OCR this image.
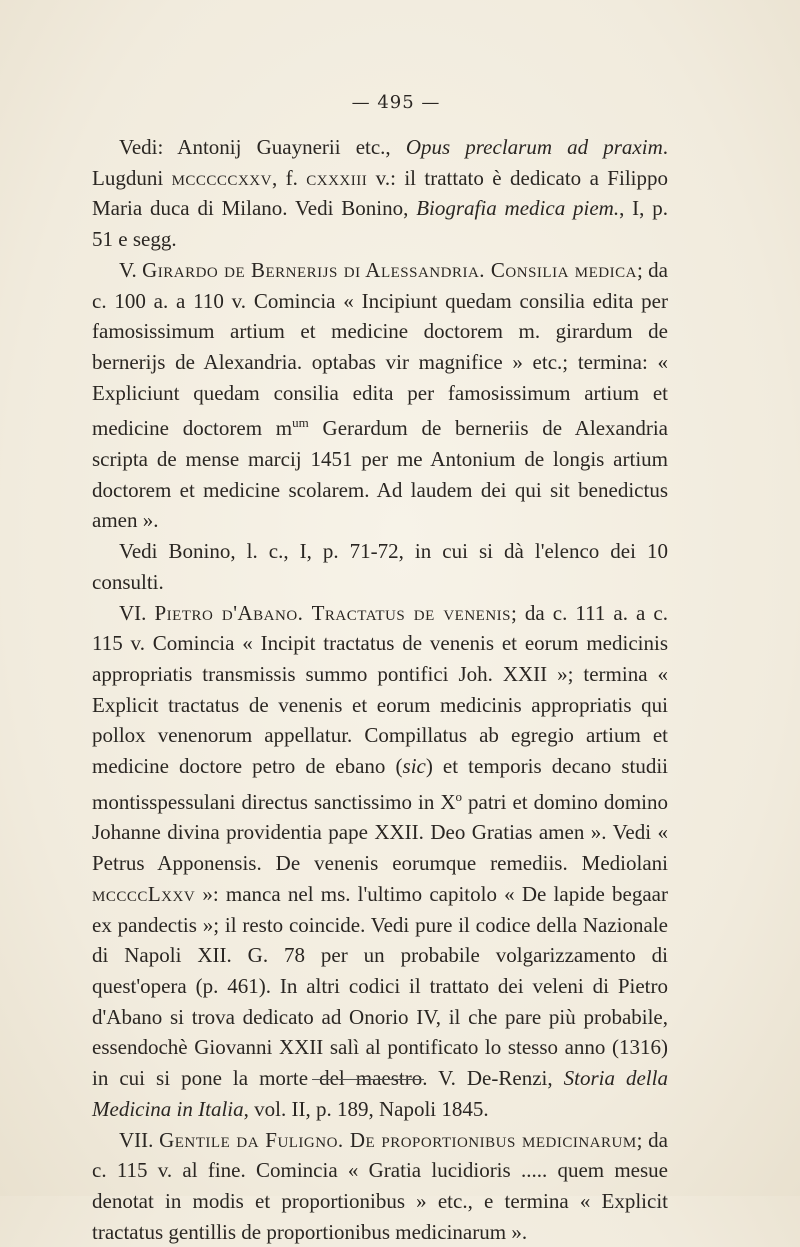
— 495 —

Vedi: Antonij Guaynerii etc., Opus preclarum ad praxim. Lugduni mcccccxxv, f. cxxxiii v.: il trattato è dedicato a Filippo Maria duca di Milano. Vedi Bonino, Biografia medica piem., I, p. 51 e segg.

V. Girardo de Bernerijs di Alessandria. Consilia medica; da c. 100 a. a 110 v. Comincia « Incipiunt quedam consilia edita per famosissimum artium et medicine doctorem m. girardum de bernerijs de Alexandria. optabas vir magnifice » etc.; termina: « Expliciunt quedam consilia edita per famosissimum artium et medicine doctorem $m^{um}$ Gerardum de berneriis de Alexandria scripta de mense marcij 1451 per me Antonium de longis artium doctorem et medicine scolarem. Ad laudem dei qui sit benedictus amen ».

Vedi Bonino, l. c., I, p. 71-72, in cui si dà l'elenco dei 10 consulti.

VI. Pietro d'Abano. Tractatus de venenis; da c. 111 a. a c. 115 v. Comincia « Incipit tractatus de venenis et eorum medicinis appropriatis transmissis summo pontifici Joh. XXII »; termina « Explicit tractatus de venenis et eorum medicinis appropriatis qui pollox venenorum appellatur. Compillatus ab egregio artium et medicine doctore petro de ebano (sic) et temporis decano studii montisspessulani directus sanctissimo in $X^o$ patri et domino domino Johanne divina providentia pape XXII. Deo Gratias amen ». Vedi « Petrus Apponensis. De venenis eorumque remediis. Mediolani mccccLxxv »: manca nel ms. l'ultimo capitolo « De lapide begaar ex pandectis »; il resto coincide. Vedi pure il codice della Nazionale di Napoli XII. G. 78 per un probabile volgarizzamento di quest'opera (p. 461). In altri codici il trattato dei veleni di Pietro d'Abano si trova dedicato ad Onorio IV, il che pare più probabile, essendochè Giovanni XXII salì al pontificato lo stesso anno (1316) in cui si pone la morte del maestro. V. De-Renzi, Storia della Medicina in Italia, vol. II, p. 189, Napoli 1845.

VII. Gentile da Fuligno. De proportionibus medicinarum; da c. 115 v. al fine. Comincia « Gratia lucidioris ..... quem mesue denotat in modis et proportionibus » etc., e termina « Explicit tractatus gentillis de proportionibus medicinarum ».
